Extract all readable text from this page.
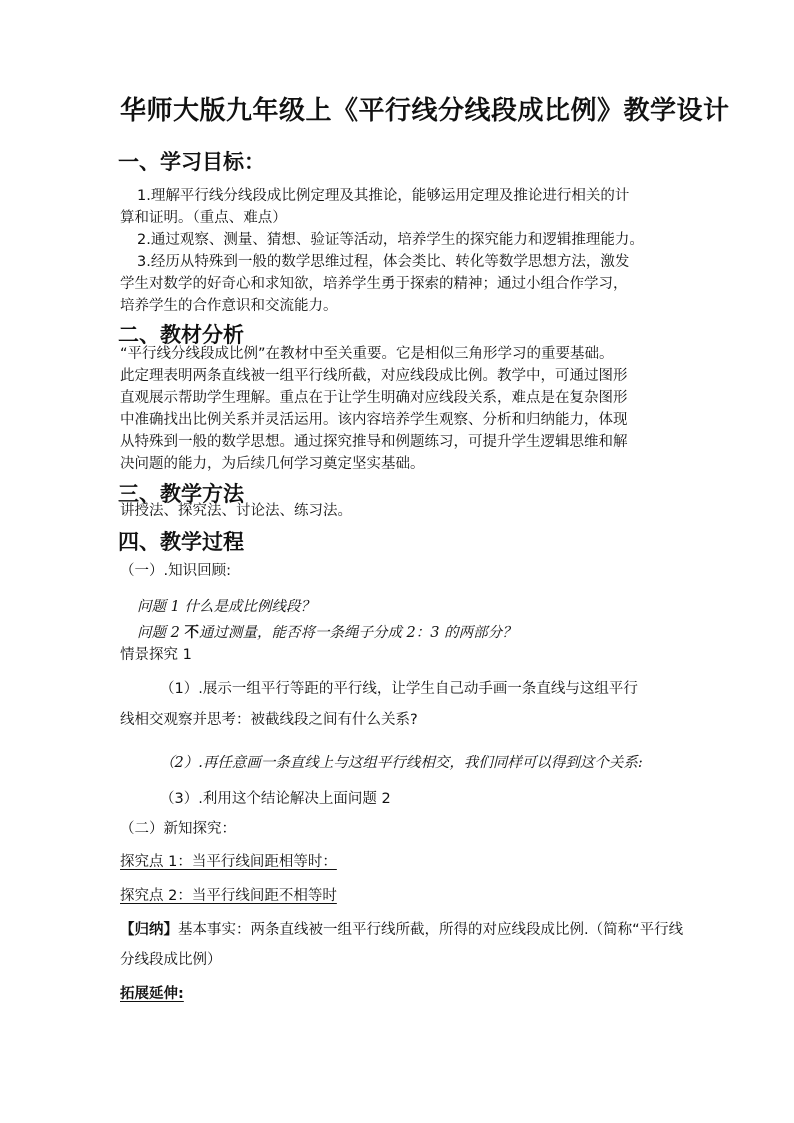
华师大版九年级上《平行线分线段成比例》教学设计
一、学习目标：
1.理解平行线分线段成比例定理及其推论，能够运用定理及推论进行相关的计
算和证明。（重点、难点）
2.通过观察、测量、猜想、验证等活动，培养学生的探究能力和逻辑推理能力。
3.经历从特殊到一般的数学思维过程，体会类比、转化等数学思想方法，激发
学生对数学的好奇心和求知欲，培养学生勇于探索的精神；通过小组合作学习，
培养学生的合作意识和交流能力。
二、教材分析
“平行线分线段成比例”在教材中至关重要。它是相似三角形学习的重要基础。
此定理表明两条直线被一组平行线所截，对应线段成比例。教学中，可通过图形
直观展示帮助学生理解。重点在于让学生明确对应线段关系，难点是在复杂图形
中准确找出比例关系并灵活运用。该内容培养学生观察、分析和归纳能力，体现
从特殊到一般的数学思想。通过探究推导和例题练习，可提升学生逻辑思维和解
决问题的能力，为后续几何学习奠定坚实基础。
三、教学方法
讲授法、探究法、讨论法、练习法。
四、教学过程
（一）.知识回顾:
问题 1 什么是成比例线段？
问题 2 不通过测量，能否将一条绳子分成 2：3 的两部分？
情景探究 1
（1）.展示一组平行等距的平行线，让学生自己动手画一条直线与这组平行
线相交观察并思考：被截线段之间有什么关系?
（2）.再任意画一条直线上与这组平行线相交，我们同样可以得到这个关系:
（3）.利用这个结论解决上面问题 2
（二）新知探究：
探究点 1：当平行线间距相等时：
探究点 2：当平行线间距不相等时
【归纳】基本事实：两条直线被一组平行线所截，所得的对应线段成比例.（简称“平行线
分线段成比例）
拓展延伸:
